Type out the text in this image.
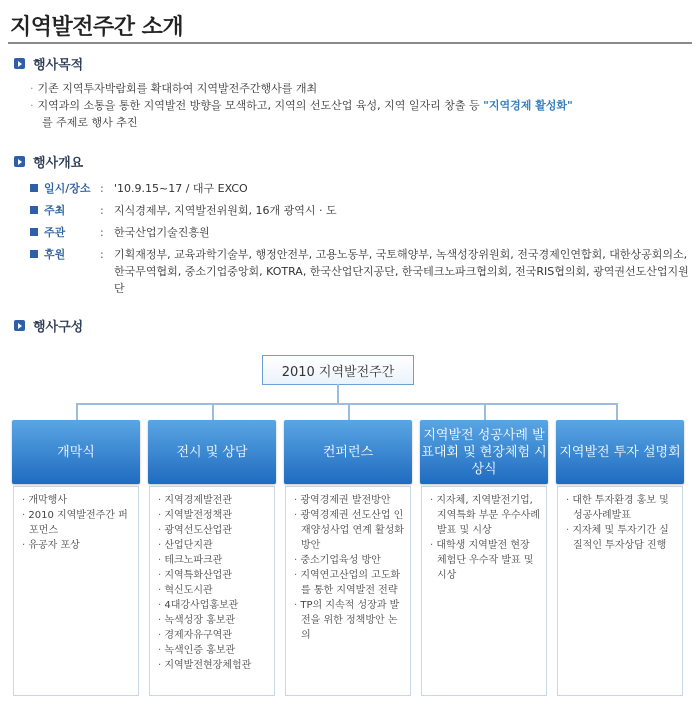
지역발전주간 소개
행사목적
· 기존 지역투자박람회를 확대하여 지역발전주간행사를 개최
· 지역과의 소통을 통한 지역발전 방향을 모색하고, 지역의 선도산업 육성, 지역 일자리 창출 등 "지역경제 활성화"
를 주제로 행사 추진
행사개요
일시/장소 : '10.9.15~17 / 대구 EXCO
주최	: 지식경제부, 지역발전위원회, 16개 광역시 · 도
주관	: 한국산업기술진흥원
후원	: 기획재정부, 교육과학기술부, 행정안전부, 고용노동부, 국토해양부, 녹색성장위원회, 전국경제인연합회, 대한상공회의소, 한국무역협회, 중소기업중앙회, KOTRA, 한국산업단지공단, 한국테크노파크협의회, 전국RIS협의회, 광역권선도산업지원단
행사구성
2010 지역발전주간
개막식
· 개막행사
· 2010 지역발전주간 퍼포먼스
· 유공자 포상
전시 및 상담
· 지역경제발전관
· 지역발전정책관
· 광역선도산업관
· 산업단지관
· 테크노파크관
· 지역특화산업관
· 혁신도시관
· 4대강사업홍보관
· 녹색성장 홍보관
· 경제자유구역관
· 녹색인증 홍보관
· 지역발전현장체험관
컨퍼런스
· 광역경제권 발전방안
· 광역경제권 선도산업 인재양성사업 연계 활성화 방안
· 중소기업육성 방안
· 지역연고산업의 고도화를 통한 지역발전 전략
· TP의 지속적 성장과 발전을 위한 정책방안 논의
지역발전 성공사례 발표대회 및 현장체험 시상식
· 지자체, 지역발전기업, 지역특화 부문 우수사례 발표 및 시상
· 대학생 지역발전 현장 체험단 우수작 발표 및 시상
지역발전 투자 설명회
· 대한 투자환경 홍보 및 성공사례발표
· 지자체 및 투자기간 실질적인 투자상담 진행
